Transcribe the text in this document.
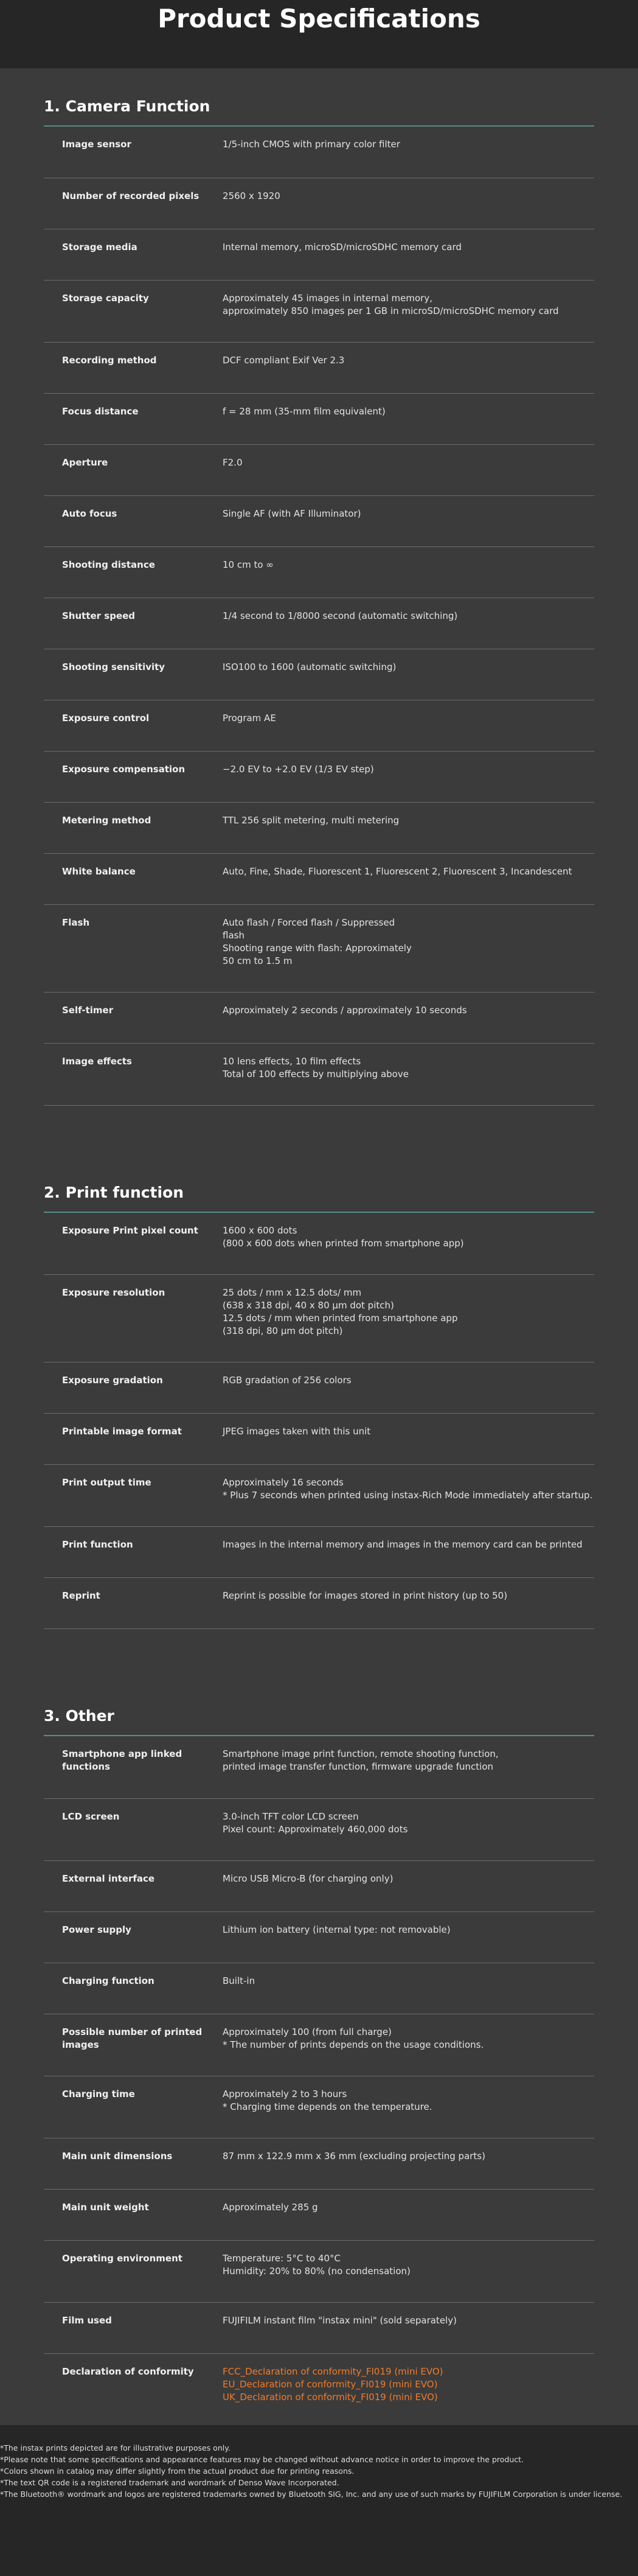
Product Specifications
1. Camera Function
Image sensor	1/5-inch CMOS with primary color filter

Number of recorded pixels	2560 x 1920

Storage media	Internal memory, microSD/microSDHC memory card

Storage capacity	Approximately 45 images in internal memory,
approximately 850 images per 1 GB in microSD/microSDHC memory card

Recording method	DCF compliant Exif Ver 2.3

Focus distance	f = 28 mm (35-mm film equivalent)

Aperture	F2.0

Auto focus	Single AF (with AF Illuminator)

Shooting distance	10 cm to ∞

Shutter speed	1/4 second to 1/8000 second (automatic switching)

Shooting sensitivity	ISO100 to 1600 (automatic switching)

Exposure control	Program AE

Exposure compensation	−2.0 EV to +2.0 EV (1/3 EV step)

Metering method	TTL 256 split metering, multi metering

White balance	Auto, Fine, Shade, Fluorescent 1, Fluorescent 2, Fluorescent 3, Incandescent

Flash	Auto flash / Forced flash / Suppressed
flash
Shooting range with flash: Approximately
50 cm to 1.5 m

Self-timer	Approximately 2 seconds / approximately 10 seconds

Image effects	10 lens effects, 10 film effects
Total of 100 effects by multiplying above
2. Print function
Exposure Print pixel count	1600 x 600 dots
(800 x 600 dots when printed from smartphone app)

Exposure resolution	25 dots / mm x 12.5 dots/ mm
(638 x 318 dpi, 40 x 80 μm dot pitch)
12.5 dots / mm when printed from smartphone app
(318 dpi, 80 μm dot pitch)

Exposure gradation	RGB gradation of 256 colors

Printable image format	JPEG images taken with this unit

Print output time	Approximately 16 seconds
* Plus 7 seconds when printed using instax-Rich Mode immediately after startup.

Print function	Images in the internal memory and images in the memory card can be printed

Reprint	Reprint is possible for images stored in print history (up to 50)
3. Other
Smartphone app linked functions	Smartphone image print function, remote shooting function,
printed image transfer function, firmware upgrade function

LCD screen	3.0-inch TFT color LCD screen
Pixel count: Approximately 460,000 dots

External interface	Micro USB Micro-B (for charging only)

Power supply	Lithium ion battery (internal type: not removable)

Charging function	Built-in

Possible number of printed images	Approximately 100 (from full charge)
* The number of prints depends on the usage conditions.

Charging time	Approximately 2 to 3 hours
* Charging time depends on the temperature.

Main unit dimensions	87 mm x 122.9 mm x 36 mm (excluding projecting parts)

Main unit weight	Approximately 285 g

Operating environment	Temperature: 5°C to 40°C
Humidity: 20% to 80% (no condensation)

Film used	FUJIFILM instant film "instax mini" (sold separately)

Declaration of conformity	FCC_Declaration of conformity_FI019 (mini EVO)
EU_Declaration of conformity_FI019 (mini EVO)
UK_Declaration of conformity_FI019 (mini EVO)

*The instax prints depicted are for illustrative purposes only.

*Please note that some specifications and appearance features may be changed without advance notice in order to improve the product.

*Colors shown in catalog may differ slightly from the actual product due for printing reasons.

*The text QR code is a registered trademark and wordmark of Denso Wave Incorporated.

*The Bluetooth® wordmark and logos are registered trademarks owned by Bluetooth SIG, Inc. and any use of such marks by FUJIFILM Corporation is under license.
